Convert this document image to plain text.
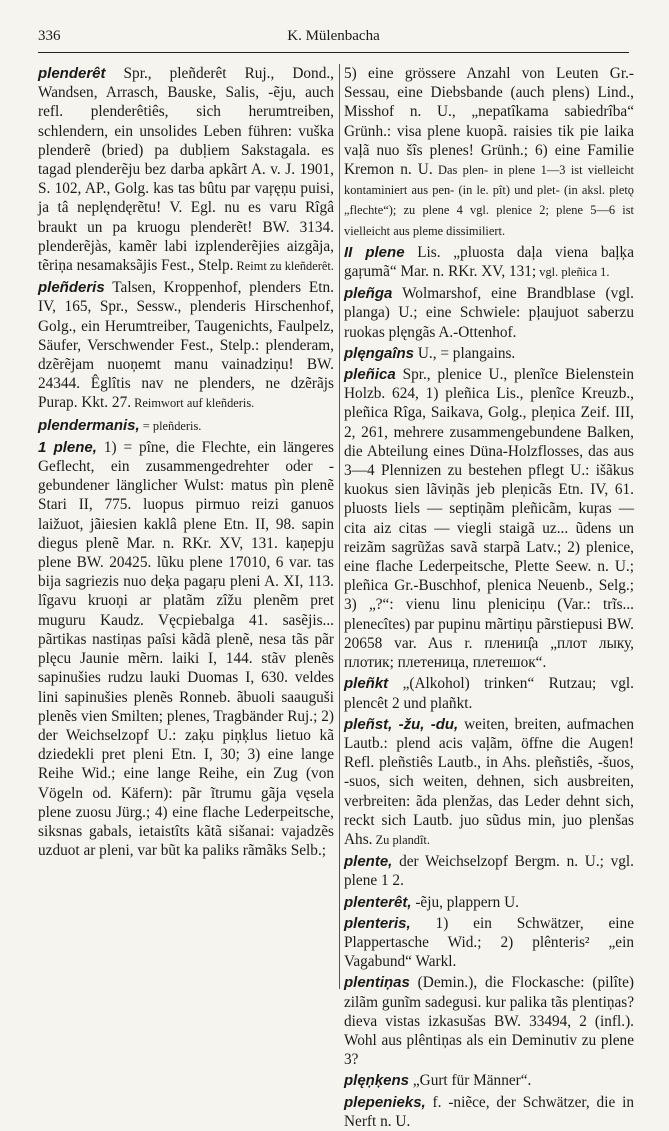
336	K. Mülenbacha

plenderêt Spr., pleñderêt Ruj., Dond., Wandsen, Arrasch, Bauske, Salis, -ẽju, auch refl. plenderêtiês, sich herumtreiben, schlendern, ein unsolides Leben führen: vuška plenderẽ (bried) pa dubḷiem Sakstagala. es tagad plenderẽju bez darba apkãrt A. v. J. 1901, S. 102, AP., Golg. kas tas bûtu par vaŗęņu puisi, ja tâ neplęndęrẽtu! V. Egl. nu es varu Rîgâ braukt un pa kruogu plenderẽt! BW. 3134. plenderẽjàs, kamẽr labi izplenderẽjies aizgãja, tẽriņa nesamaksãjis Fest., Stelp. Reimt zu kleñderêt.

pleñderis Talsen, Kroppenhof, plenders Etn. IV, 165, Spr., Sessw., plenderis Hirschenhof, Golg., ein Herumtreiber, Taugenichts, Faulpelz, Säufer, Verschwender Fest., Stelp.: plenderam, dzẽrẽjam nuoņemt manu vainadziņu! BW. 24344. Êglîtis nav ne plenders, ne dzẽrãjs Purap. Kkt. 27. Reimwort auf kleñderis.

plendermanis, = pleñderis.

1 plene, 1) = pîne, die Flechte, ein längeres Geflecht, ein zusammengedrehter oder -gebundener länglicher Wulst: matus pìn plenẽ Stari II, 775. luopus pirmuo reizi ganuos laižuot, jãiesien kaklâ plene Etn. II, 98. sapin diegus plenẽ Mar. n. RKr. XV, 131. kaņepju plene BW. 20425. lũku plene 17010, 6 var. tas bija sagriezis nuo deķa pagaŗu pleni A. XI, 113. lîgavu kruoņi ar platãm zîžu plenẽm pret muguru Kaudz. Vęcpiebalga 41. sasẽjis... pãrtikas nastiņas paîsi kãdã plenẽ, nesa tãs pãr plęcu Jaunie mẽrn. laiki I, 144. stãv plenẽs sapinušies rudzu lauki Duomas I, 630. veldes lini sapinušies plenẽs Ronneb. ãbuoli saauguši plenẽs vien Smilten; plenes, Tragbänder Ruj.; 2) der Weichselzopf U.: zaķu piņķlus lietuo kã dziedekli pret pleni Etn. I, 30; 3) eine lange Reihe Wid.; eine lange Reihe, ein Zug (von Vögeln od. Käfern): pãr ĩtrumu gãja vęsela plene zuosu Jürg.; 4) eine flache Lederpeitsche, siksnas gabals, ietaistîts kãtã sišanai: vajadzẽs uzduot ar pleni, var bũt ka paliks rãmãks Selb.;

5) eine grössere Anzahl von Leuten Gr.-Sessau, eine Diebsbande (auch plens) Lind., Misshof n. U., „nepatîkama sabiedrîba“ Grünh.: visa plene kuopã. raisies tik pie laika vaļã nuo šîs plenes! Grünh.; 6) eine Familie Kremon n. U. Das plen- in plene 1—3 ist vielleicht kontaminiert aus pen- (in le. pît) und plet- (in aksl. pletǫ „flechte“); zu plene 4 vgl. plenice 2; plene 5—6 ist vielleicht aus pleme dissimiliert.

II plene Lis. „pluosta daļa viena baļķa gaŗumã“ Mar. n. RKr. XV, 131; vgl. pleñica 1.

pleñga Wolmarshof, eine Brandblase (vgl. planga) U.; eine Schwiele: pļaujuot saberzu ruokas plęngãs A.-Ottenhof.

plęngaîns U., = plangains.

pleñica Spr., plenice U., plenĩce Bielenstein Holzb. 624, 1) pleñica Lis., plenĩce Kreuzb., pleñica Rîga, Saikava, Golg., pleņica Zeif. III, 2, 261, mehrere zusammengebundene Balken, die Abteilung eines Düna-Holzflosses, das aus 3—4 Plennizen zu bestehen pflegt U.: išãkus kuokus sien lãviņãs jeb pleņicãs Etn. IV, 61. pluosts liels — septiņãm pleñicãm, kuŗas — cita aiz citas — viegli staigã uz... ũdens un reizãm sagrũžas savã starpã Latv.; 2) plenice, eine flache Lederpeitsche, Plette Seew. n. U.; pleñica Gr.-Buschhof, plenica Neuenb., Selg.; 3) „?“: vienu linu pleniciņu (Var.: trĩs... plenecîtes) par pupinu mãrtiņu pãrstiepusi BW. 20658 var. Aus r. плениц̂а „плот лыку, плотик; плетеница, плетешок“.

pleñkt „(Alkohol) trinken“ Rutzau; vgl. plencêt 2 und plañkt.

pleñst, -žu, -du, weiten, breiten, aufmachen Lautb.: plend acis vaļãm, öffne die Augen! Refl. pleñstiês Lautb., in Ahs. pleñstiês, -šuos, -suos, sich weiten, dehnen, sich ausbreiten, verbreiten: ãda plenžas, das Leder dehnt sich, reckt sich Lautb. juo sũdus min, juo plenšas Ahs. Zu plandît.

plente, der Weichselzopf Bergm. n. U.; vgl. plene 1 2.

plenterêt, -ẽju, plappern U.

plenteris, 1) ein Schwätzer, eine Plappertasche Wid.; 2) plênteris² „ein Vagabund“ Warkl.

plentiņas (Demin.), die Flockasche: (pilîte) zilãm gunĩm sadegusi. kur palika tãs plentiņas? dieva vistas izkasušas BW. 33494, 2 (infl.). Wohl aus plêntiņas als ein Deminutiv zu plene 3?

plęņķens „Gurt für Männer“.

plepenieks, f. -niẽce, der Schwätzer, die in Nerft n. U.
